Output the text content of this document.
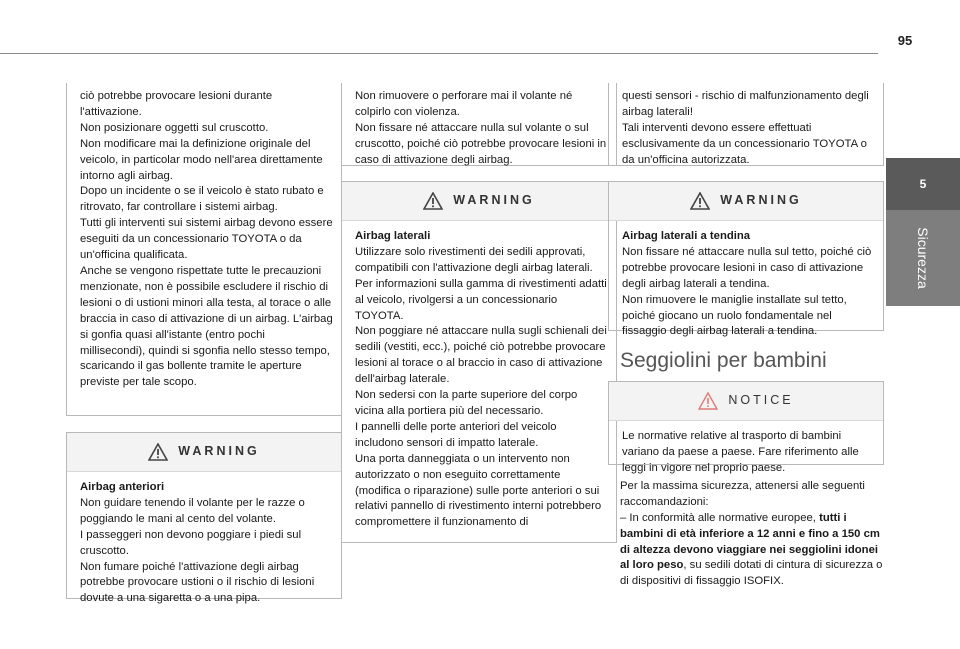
95
5
Sicurezza

ciò potrebbe provocare lesioni durante l'attivazione.
Non posizionare oggetti sul cruscotto.
Non modificare mai la definizione originale del veicolo, in particolar modo nell'area direttamente intorno agli airbag.
Dopo un incidente o se il veicolo è stato rubato e ritrovato, far controllare i sistemi airbag.
Tutti gli interventi sui sistemi airbag devono essere eseguiti da un concessionario TOYOTA o da un'officina qualificata.
Anche se vengono rispettate tutte le precauzioni menzionate, non è possibile escludere il rischio di lesioni o di ustioni minori alla testa, al torace o alle braccia in caso di attivazione di un airbag. L'airbag si gonfia quasi all'istante (entro pochi millisecondi), quindi si sgonfia nello stesso tempo, scaricando il gas bollente tramite le aperture previste per tale scopo.

WARNING

Airbag anteriori

Non guidare tenendo il volante per le razze o poggiando le mani al cento del volante.
I passeggeri non devono poggiare i piedi sul cruscotto.
Non fumare poiché l'attivazione degli airbag potrebbe provocare ustioni o il rischio di lesioni dovute a una sigaretta o a una pipa.

Non rimuovere o perforare mai il volante né colpirlo con violenza.
Non fissare né attaccare nulla sul volante o sul cruscotto, poiché ciò potrebbe provocare lesioni in caso di attivazione degli airbag.

WARNING

Airbag laterali

Utilizzare solo rivestimenti dei sedili approvati, compatibili con l'attivazione degli airbag laterali. Per informazioni sulla gamma di rivestimenti adatti al veicolo, rivolgersi a un concessionario TOYOTA.
Non poggiare né attaccare nulla sugli schienali dei sedili (vestiti, ecc.), poiché ciò potrebbe provocare lesioni al torace o al braccio in caso di attivazione dell'airbag laterale.
Non sedersi con la parte superiore del corpo vicina alla portiera più del necessario.
I pannelli delle porte anteriori del veicolo includono sensori di impatto laterale.
Una porta danneggiata o un intervento non autorizzato o non eseguito correttamente (modifica o riparazione) sulle porte anteriori o sui relativi pannello di rivestimento interni potrebbero compromettere il funzionamento di

questi sensori - rischio di malfunzionamento degli airbag laterali!
Tali interventi devono essere effettuati esclusivamente da un concessionario TOYOTA o da un'officina autorizzata.

WARNING

Airbag laterali a tendina

Non fissare né attaccare nulla sul tetto, poiché ciò potrebbe provocare lesioni in caso di attivazione degli airbag laterali a tendina.
Non rimuovere le maniglie installate sul tetto, poiché giocano un ruolo fondamentale nel fissaggio degli airbag laterali a tendina.

Seggiolini per bambini
NOTICE

Le normative relative al trasporto di bambini variano da paese a paese. Fare riferimento alle leggi in vigore nel proprio paese.

Per la massima sicurezza, attenersi alle seguenti raccomandazioni:

– In conformità alle normative europee, tutti i bambini di età inferiore a 12 anni e fino a 150 cm di altezza devono viaggiare nei seggiolini idonei al loro peso, su sedili dotati di cintura di sicurezza o di dispositivi di fissaggio ISOFIX.
